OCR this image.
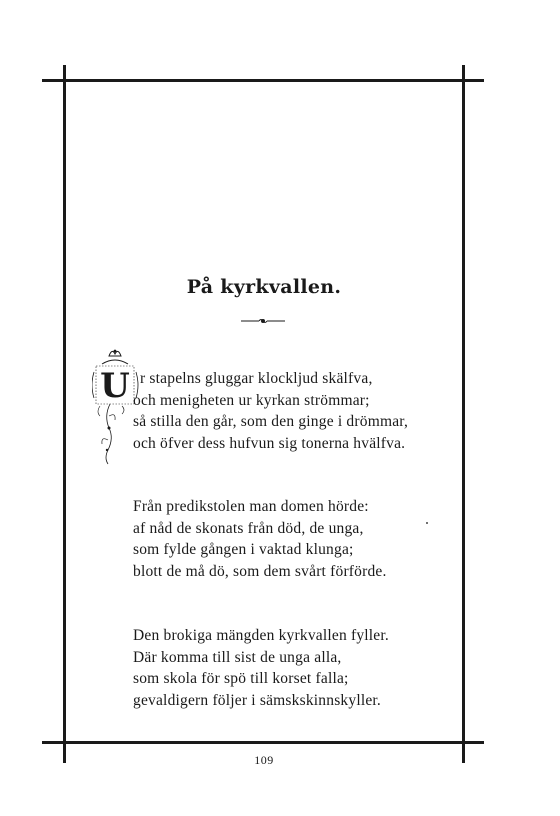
På kyrkvallen.
U r stapelns gluggar klockljud skälfva,
och menigheten ur kyrkan strömmar;
så stilla den går, som den ginge i drömmar,
och öfver dess hufvun sig tonerna hvälfva.
Från predikstolen man domen hörde:
af nåd de skonats från död, de unga,
som fylde gången i vaktad klunga;
blott de må dö, som dem svårt förförde.
Den brokiga mängden kyrkvallen fyller.
Där komma till sist de unga alla,
som skola för spö till korset falla;
gevaldigern följer i sämskskinnskyller.
109
